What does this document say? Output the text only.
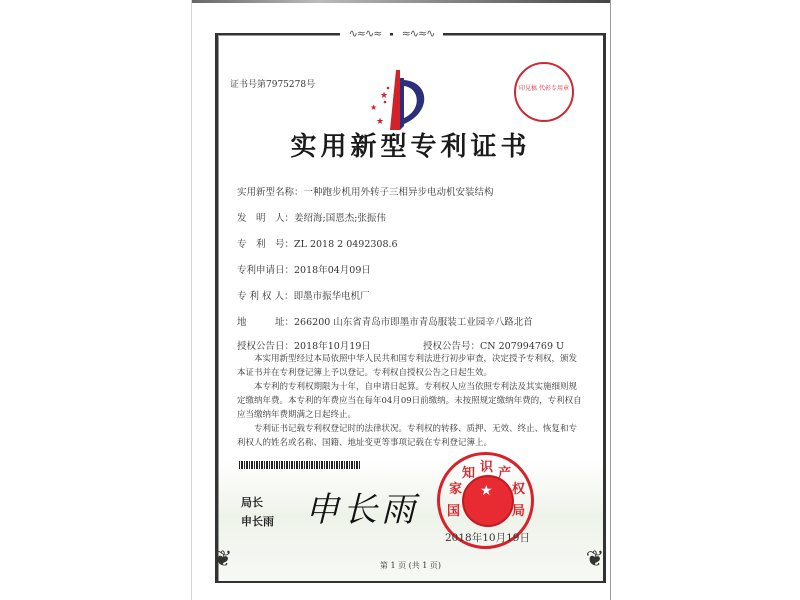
∿≈∿≈	≈∿≈∿
❦	❦
证书号第7975278号
★
★
★
印見稿 代彰专用章
实用新型专利证书
实用新型名称：一种跑步机用外转子三相异步电动机安装结构
发　明　人：姜绍海;国恩杰;张振伟
专　利　号：ZL 2018 2 0492308.6
专利申请日：2018年04月09日
专 利 权 人：即墨市振华电机厂
地　　　址：266200 山东省青岛市即墨市青岛服装工业园辛八路北首
授权公告日：2018年10月19日	授权公告号：CN 207994769 U

本实用新型经过本局依照中华人民共和国专利法进行初步审查，决定授予专利权，颁发本证书并在专利登记簿上予以登记。专利权自授权公告之日起生效。

本专利的专利权期限为十年，自申请日起算。专利权人应当依照专利法及其实施细则规定缴纳年费。本专利的年费应当在每年04月09日前缴纳。未按照规定缴纳年费的，专利权自应当缴纳年费期满之日起终止。

专利证书记载专利权登记时的法律状况。专利权的转移、质押、无效、终止、恢复和专利权人的姓名或名称、国籍、地址变更等事项记载在专利登记簿上。

局长
申长雨 申长雨	★
国
家
知 识 产
权
局
2018年10月19日
第 1 页 (共 1 页)
